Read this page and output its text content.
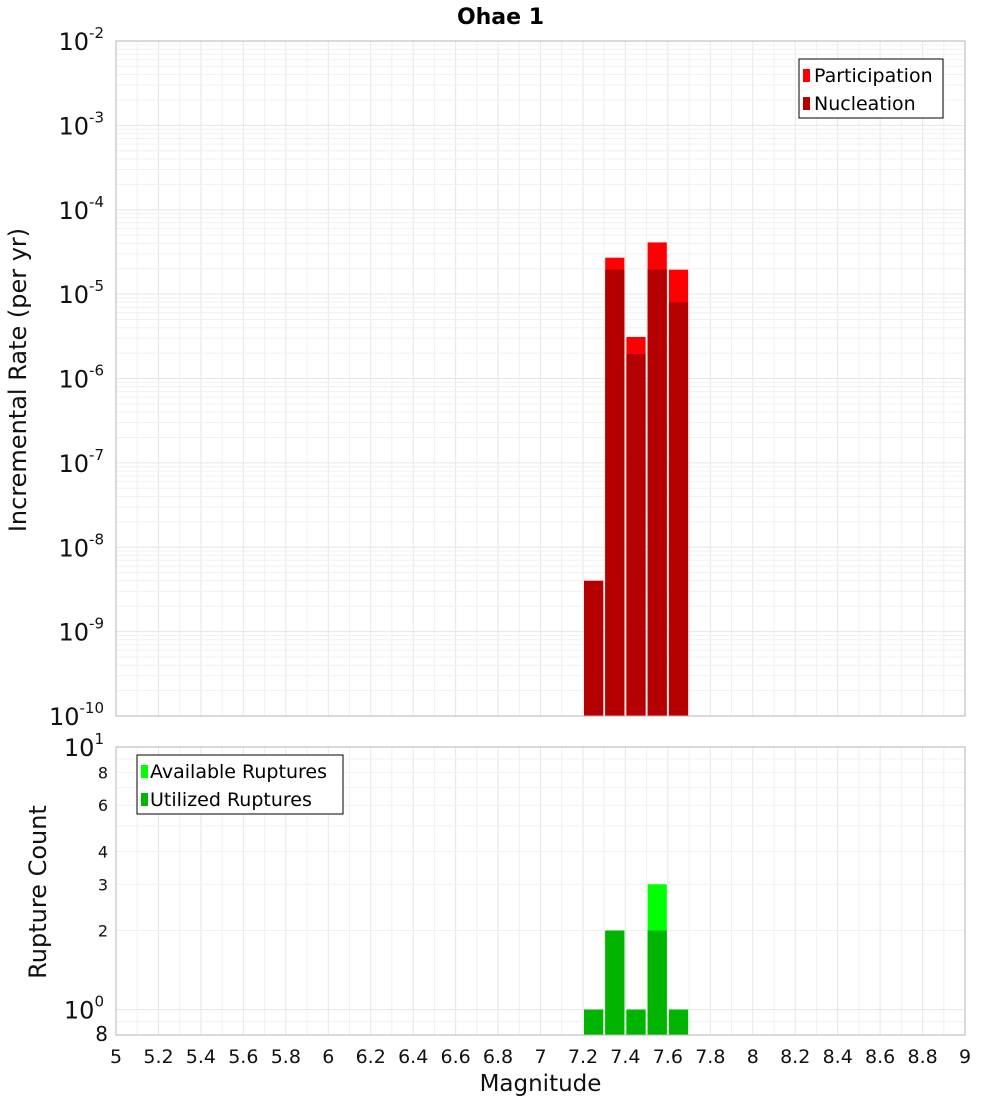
$10^{-10}$
$10^{-9}$
$10^{-8}$
$10^{-7}$
$10^{-6}$
$10^{-5}$
$10^{-4}$
$10^{-3}$
$10^{-2}$
Incremental Rate (per yr)
Ohae 1
Participation
Nucleation
8
$10^0$
2
3
4
6
8
$10^1$
Rupture Count
Available Ruptures
Utilized Ruptures
5 5.2 5.4 5.6 5.8 6 6.2 6.4 6.6 6.8 7 7.2 7.4 7.6 7.8 8 8.2 8.4 8.6 8.8 9
Magnitude
